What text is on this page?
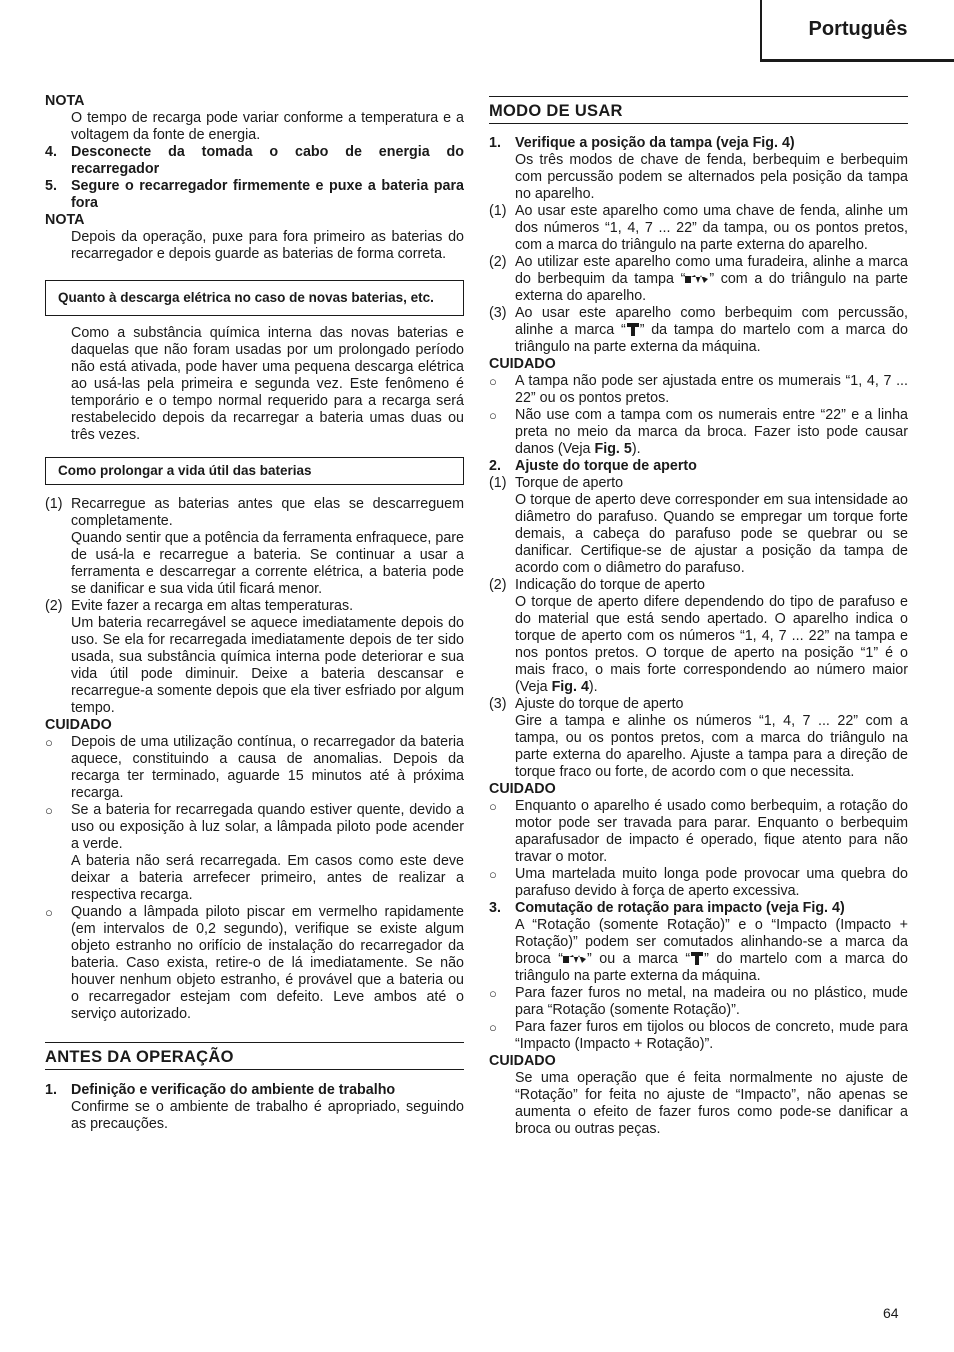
Português
NOTA
O tempo de recarga pode variar conforme a temperatura e a voltagem da fonte de energia.
4. Desconecte da tomada o cabo de energia do recarregador
5. Segure o recarregador firmemente e puxe a bateria para fora
NOTA
Depois da operação, puxe para fora primeiro as baterias do recarregador e depois guarde as baterias de forma correta.
Quanto à descarga elétrica no caso de novas baterias, etc.
Como a substância química interna das novas baterias e daquelas que não foram usadas por um prolongado período não está ativada, pode haver uma pequena descarga elétrica ao usá-las pela primeira e segunda vez. Este fenômeno é temporário e o tempo normal requerido para a recarga será restabelecido depois da recarregar a bateria umas duas ou três vezes.
Como prolongar a vida útil das baterias
(1) Recarregue as baterias antes que elas se descarreguem completamente.
Quando sentir que a potência da ferramenta enfraquece, pare de usá-la e recarregue a bateria. Se continuar a usar a ferramenta e descarregar a corrente elétrica, a bateria pode se danificar e sua vida útil ficará menor.
(2) Evite fazer a recarga em altas temperaturas.
Um bateria recarregável se aquece imediatamente depois do uso. Se ela for recarregada imediatamente depois de ter sido usada, sua substância química interna pode deteriorar e sua vida útil pode diminuir. Deixe a bateria descansar e recarregue-a somente depois que ela tiver esfriado por algum tempo.
CUIDADO
○	Depois de uma utilização contínua, o recarregador da bateria aquece, constituindo a causa de anomalias. Depois da recarga ter terminado, aguarde 15 minutos até à próxima recarga.
○	Se a bateria for recarregada quando estiver quente, devido a uso ou exposição à luz solar, a lâmpada piloto pode acender a verde.
A bateria não será recarregada. Em casos como este deve deixar a bateria arrefecer primeiro, antes de realizar a respectiva recarga.
○	Quando a lâmpada piloto piscar em vermelho rapidamente (em intervalos de 0,2 segundo), verifique se existe algum objeto estranho no orifício de instalação do recarregador da bateria. Caso exista, retire-o de lá imediatamente. Se não houver nenhum objeto estranho, é provável que a bateria ou o recarregador estejam com defeito. Leve ambos até o serviço autorizado.
ANTES DA OPERAÇÃO
1. Definição e verificação do ambiente de trabalho
Confirme se o ambiente de trabalho é apropriado, seguindo as precauções.
MODO DE USAR
1. Verifique a posição da tampa (veja Fig. 4)
Os três modos de chave de fenda, berbequim e berbequim com percussão podem se alternados pela posição da tampa no aparelho.
(1) Ao usar este aparelho como uma chave de fenda, alinhe um dos números “1, 4, 7 ... 22” da tampa, ou os pontos pretos, com a marca do triângulo na parte externa do aparelho.
(2) Ao utilizar este aparelho como uma furadeira, alinhe a marca do berbequim da tampa “ ” com a do triângulo na parte externa do aparelho.
(3) Ao usar este aparelho como berbequim com percussão, alinhe a marca “ ” da tampa do martelo com a marca do triângulo na parte externa da máquina.
CUIDADO
○	A tampa não pode ser ajustada entre os mumerais “1, 4, 7 ... 22” ou os pontos pretos.
○	Não use com a tampa com os numerais entre “22” e a linha preta no meio da marca da broca. Fazer isto pode causar danos (Veja Fig. 5).
2. Ajuste do torque de aperto
(1) Torque de aperto
O torque de aperto deve corresponder em sua intensidade ao diâmetro do parafuso. Quando se empregar um torque forte demais, a cabeça do parafuso pode se quebrar ou se danificar. Certifique-se de ajustar a posição da tampa de acordo com o diâmetro do parafuso.
(2) Indicação do torque de aperto
O torque de aperto difere dependendo do tipo de parafuso e do material que está sendo apertado. O aparelho indica o torque de aperto com os números “1, 4, 7 ... 22” na tampa e nos pontos pretos. O torque de aperto na posição “1” é o mais fraco, o mais forte correspondendo ao número maior (Veja Fig. 4).
(3) Ajuste do torque de aperto
Gire a tampa e alinhe os números “1, 4, 7 ... 22” com a tampa, ou os pontos pretos, com a marca do triângulo na parte externa do aparelho. Ajuste a tampa para a direção de torque fraco ou forte, de acordo com o que necessita.
CUIDADO
○	Enquanto o aparelho é usado como berbequim, a rotação do motor pode ser travada para parar. Enquanto o berbequim aparafusador de impacto é operado, fique atento para não travar o motor.
○	Uma martelada muito longa pode provocar uma quebra do parafuso devido à força de aperto excessiva.
3. Comutação de rotação para impacto (veja Fig. 4)
A “Rotação (somente Rotação)” e o “Impacto (Impacto + Rotação)” podem ser comutados alinhando-se a marca da broca “ ” ou a marca “ ” do martelo com a marca do triângulo na parte externa da máquina.
○	Para fazer furos no metal, na madeira ou no plástico, mude para “Rotação (somente Rotação)”.
○	Para fazer furos em tijolos ou blocos de concreto, mude para “Impacto (Impacto + Rotação)”.
CUIDADO
Se uma operação que é feita normalmente no ajuste de “Rotação” for feita no ajuste de “Impacto”, não apenas se aumenta o efeito de fazer furos como pode-se danificar a broca ou outras peças.
64
